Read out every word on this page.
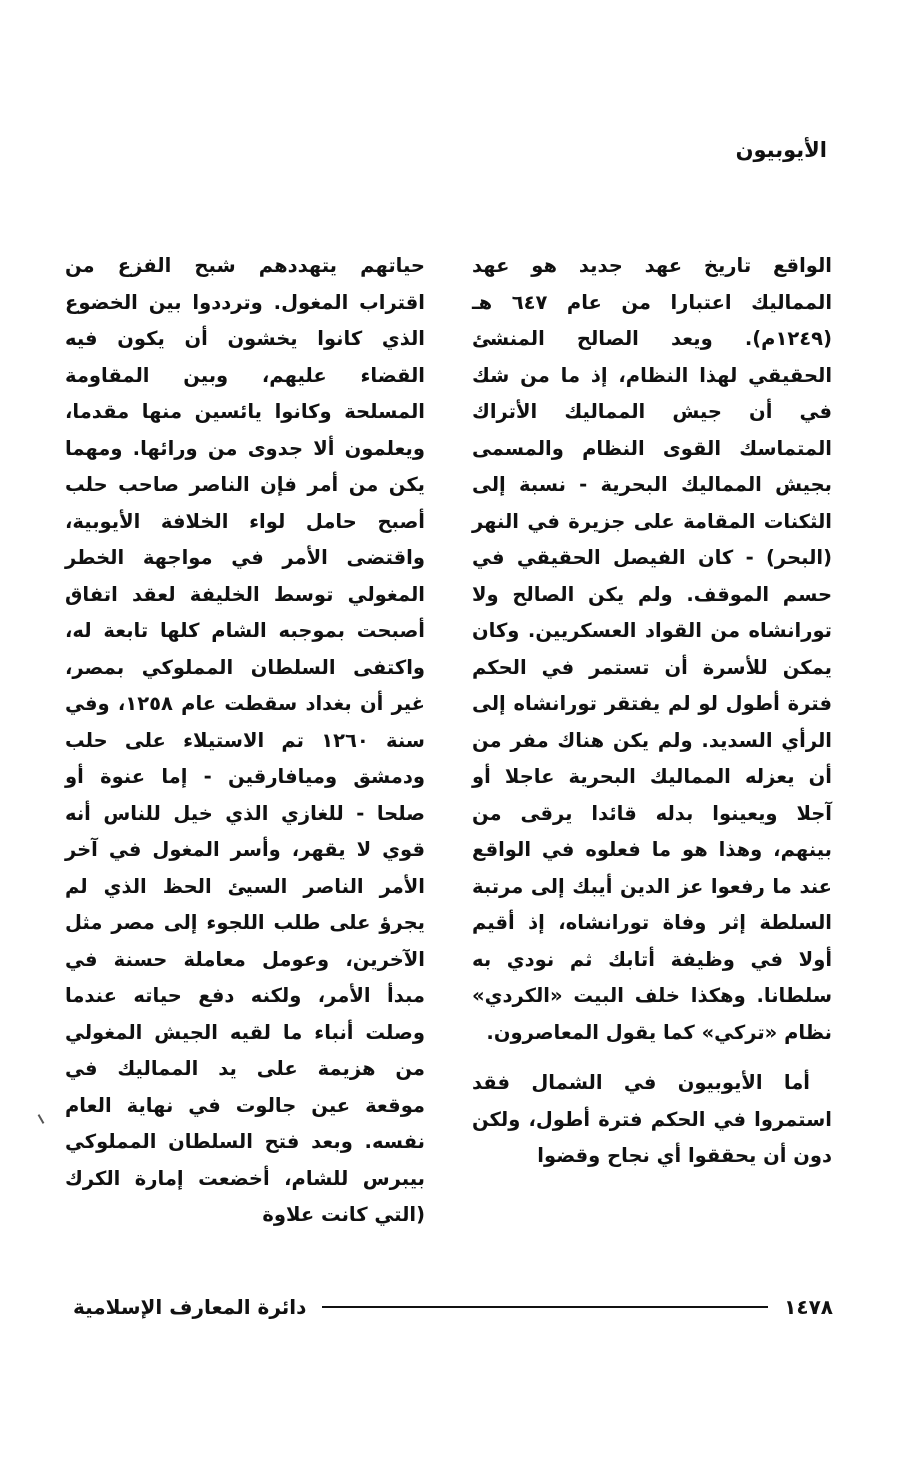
الأيوبيون

الواقع تاريخ عهد جديد هو عهد المماليك اعتبارا من عام ٦٤٧ هـ (١٢٤٩م). ويعد الصالح المنشئ الحقيقي لهذا النظام، إذ ما من شك في أن جيش المماليك الأتراك المتماسك القوى النظام والمسمى بجيش المماليك البحرية - نسبة إلى الثكنات المقامة على جزيرة في النهر (البحر) - كان الفيصل الحقيقي في حسم الموقف. ولم يكن الصالح ولا تورانشاه من القواد العسكريين. وكان يمكن للأسرة أن تستمر في الحكم فترة أطول لو لم يفتقر تورانشاه إلى الرأي السديد. ولم يكن هناك مفر من أن يعزله المماليك البحرية عاجلا أو آجلا ويعينوا بدله قائدا يرقى من بينهم، وهذا هو ما فعلوه في الواقع عند ما رفعوا عز الدين أيبك إلى مرتبة السلطة إثر وفاة تورانشاه، إذ أقيم أولا في وظيفة أتابك ثم نودي به سلطانا. وهكذا خلف البيت «الكردي» نظام «تركي» كما يقول المعاصرون.

أما الأيوبيون في الشمال فقد استمروا في الحكم فترة أطول، ولكن دون أن يحققوا أي نجاح وقضوا

حياتهم يتهددهم شبح الفزع من اقتراب المغول. وترددوا بين الخضوع الذي كانوا يخشون أن يكون فيه القضاء عليهم، وبين المقاومة المسلحة وكانوا يائسين منها مقدما، ويعلمون ألا جدوى من ورائها. ومهما يكن من أمر فإن الناصر صاحب حلب أصبح حامل لواء الخلافة الأيوبية، واقتضى الأمر في مواجهة الخطر المغولي توسط الخليفة لعقد اتفاق أصبحت بموجبه الشام كلها تابعة له، واكتفى السلطان المملوكي بمصر، غير أن بغداد سقطت عام ١٢٥٨، وفي سنة ١٢٦٠ تم الاستيلاء على حلب ودمشق وميافارقين - إما عنوة أو صلحا - للغازي الذي خيل للناس أنه قوي لا يقهر، وأسر المغول في آخر الأمر الناصر السيئ الحظ الذي لم يجرؤ على طلب اللجوء إلى مصر مثل الآخرين، وعومل معاملة حسنة في مبدأ الأمر، ولكنه دفع حياته عندما وصلت أنباء ما لقيه الجيش المغولي من هزيمة على يد المماليك في موقعة عين جالوت في نهاية العام نفسه. وبعد فتح السلطان المملوكي بيبرس للشام، أخضعت إمارة الكرك (التي كانت علاوة

١٤٧٨
دائرة المعارف الإسلامية
